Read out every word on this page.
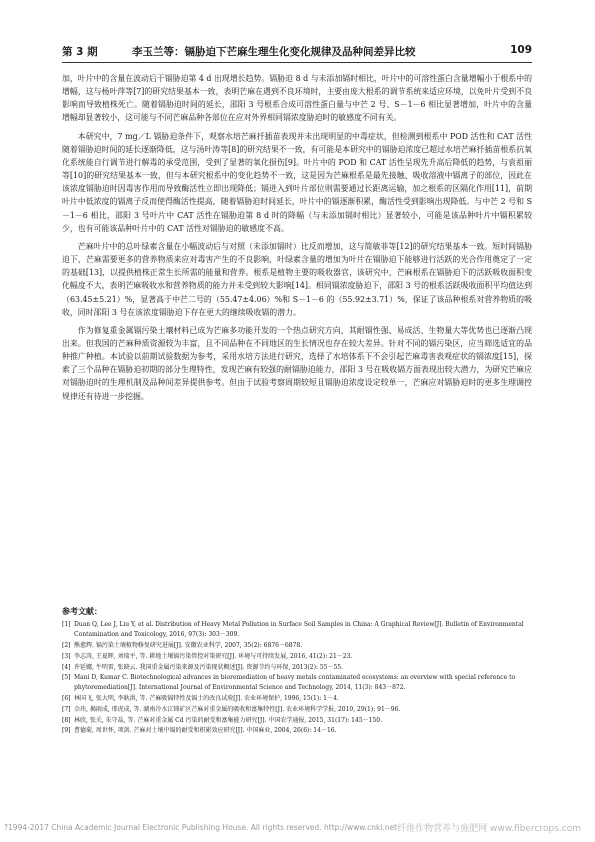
第 3 期	李玉兰等：镉胁迫下芒麻生理生化变化规律及品种间差异比较	109

加，叶片中的含量在波动后于镉胁迫第 4 d 出现增长趋势。镉胁迫 8 d 与未添加镉时相比，叶片中的可溶性蛋白含量增幅小于根系中的增幅，这与杨叶萍等[7]的研究结果基本一致，表明芒麻在遇到不良环境时，主要由庞大根系的调节系统来适应环境，以免叶片受到不良影响而导致植株死亡。随着镉胁迫时间的延长，邵阳 3 号根系合成可溶性蛋白量与中芒 2 号、S－1－6 相比显著增加，叶片中的含量增幅却显著较小，这可能与不同芒麻品种各部位在应对外界相同镉浓度胁迫时的敏感度不同有关。

本研究中，7 mg／L 镉胁迫条件下，观察水培芒麻扦插苗表现并未出现明显的中毒症状，但检测到根系中 POD 活性和 CAT 活性随着镉胁迫时间的延长逐渐降低，这与汤叶涛等[8]的研究结果不一致，有可能是本研究中的镉胁迫浓度已超过水培芒麻扦插苗根系抗氧化系统能自行调节进行解毒的承受范围，受到了显著的氧化损伤[9]。叶片中的 POD 和 CAT 活性呈现先升高后降低的趋势，与袁祖丽等[10]的研究结果基本一致，但与本研究根系中的变化趋势不一致，这是因为芒麻根系是最先接触、吸收溶液中镉离子的部位，因此在该浓度镉胁迫时因毒害作用而导致酶活性立即出现降低；镉进入到叶片部位则需要通过长距离运输，加之根系的区隔化作用[11]，前期叶片中低浓度的镉离子反而使得酶活性提高，随着镉胁迫时间延长，叶片中的镉逐渐积累，酶活性受到影响出现降低。与中芒 2 号和 S－1－6 相比，邵阳 3 号叶片中 CAT 活性在镉胁迫第 8 d 时的降幅（与未添加镉时相比）显著较小，可能是该品种叶片中镉积累较少，也有可能该品种叶片中的 CAT 活性对镉胁迫的敏感度不高。

芒麻叶片中的总叶绿素含量在小幅波动后与对照（未添加镉时）比反而增加，这与简敏菲等[12]的研究结果基本一致。短时间镉胁迫下，芒麻需要更多的营养物质来应对毒害产生的不良影响，叶绿素含量的增加为叶片在镉胁迫下能够进行活跃的光合作用奠定了一定的基础[13]，以提供植株正常生长所需的能量和营养。根系是植物主要的吸收器官，该研究中，芒麻根系在镉胁迫下的活跃吸收面积变化幅度不大，表明芒麻吸收水和营养物质的能力并未受到较大影响[14]。相同镉浓度胁迫下，邵阳 3 号的根系活跃吸收面积平均值达到（63.45±5.21）%，显著高于中芒二号的（55.47±4.06）%和 S－1－6 的（55.92±3.71）%，保证了该品种根系对营养物质的吸收，同时邵阳 3 号在该浓度镉胁迫下存在更大的继续吸收镉的潜力。

作为修复重金属镉污染土壤材料已成为芒麻多功能开发的一个热点研究方向，其耐镉性强、易成活、生物量大等优势也已逐渐凸现出来。但我国的芒麻种质资源较为丰富，且不同品种在不同地区的生长情况也存在较大差异。针对不同的镉污染区，应当筛选适宜的品种推广种植。本试验以前期试验数据为参考，采用水培方法进行研究，选择了水培体系下不会引起芒麻毒害表观症状的镉浓度[15]，探索了三个品种在镉胁迫初期的部分生理特性，发现芒麻有较强的耐镉胁迫能力，邵阳 3 号在吸收镉方面表现出较大潜力，为研究芒麻应对镉胁迫时的生理机制及品种间差异提供参考。但由于试验考察周期较短且镉胁迫浓度设定较单一，芒麻应对镉胁迫时的更多生理调控规律还有待进一步挖掘。

参考文献：
[1] Duan Q, Lee J, Liu Y, et al. Distribution of Heavy Metal Pollution in Surface Soil Samples in China: A Graphical Review[J]. Bulletin of Environmental Contamination and Toxicology, 2016, 97(3): 303－309.
[2] 熊愈辉. 镉污染土壤植物修复研究进展[J]. 安徽农业科学, 2007, 35(2): 6876－6878.
[3] 李志涛, 王夏晖, 刘瑞平, 等. 耕地土壤镉污染管控对策研究[J]. 环境与可持续发展, 2016, 41(2): 21－23.
[4] 许延娜, 牛明雷, 张晓云. 我国重金属污染来源及污染现状概述[J]. 资源节约与环保, 2013(2): 55－55.
[5] Mani D, Kumar C. Biotechnological advances in bioremediation of heavy metals contaminated ecosystems: an overview with special reference to phytoremediation[J]. International Journal of Environmental Science and Technology, 2014, 11(3): 843－872.
[6] 林国飞, 张大明, 李耿洪, 等. 芒麻吸镉特性及镉土的改良试验[J]. 农业环境保护, 1996, 15(1): 1－4.
[7] 佘玮, 揭雨成, 邢虎成, 等. 湖南冷水江锑矿区芒麻对重金属的吸收和富集特性[J]. 农业环境科学学报, 2010, 29(1): 91－96.
[8] 林欣, 张关, 朱守晶, 等. 芒麻对重金属 Cd 污染的耐受和富集能力研究[J]. 中国农学通报, 2015, 31(17): 145－150.
[9] 曹德菊, 周世怀, 项剑. 芒麻对土壤中镉的耐受和积累效应研究[J]. 中国麻业, 2004, 26(6): 14－16.
?1994-2017 China Academic Journal Electronic Publishing House. All rights reserved. http://www.cnki.net 纤维作物营养与施肥网 www.fibercrops.com
